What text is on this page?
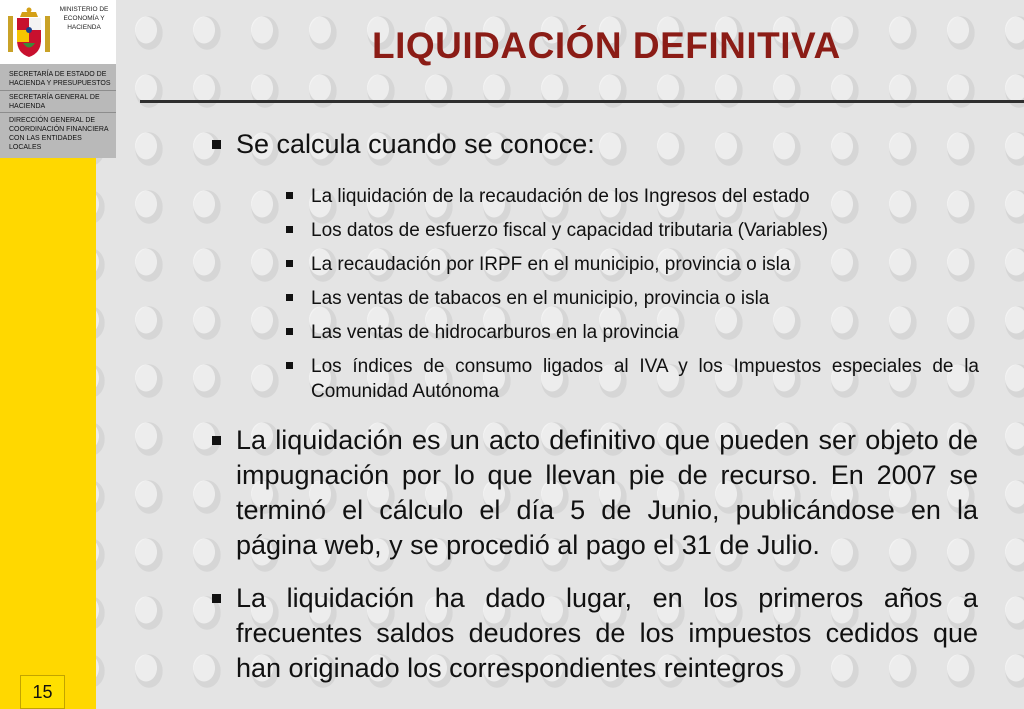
MINISTERIO DE ECONOMÍA Y HACIENDA
SECRETARÍA DE ESTADO DE HACIENDA Y PRESUPUESTOS
SECRETARÍA GENERAL DE HACIENDA
DIRECCIÓN GENERAL DE COORDINACIÓN FINANCIERA CON LAS ENTIDADES LOCALES
LIQUIDACIÓN DEFINITIVA
Se calcula cuando se conoce:
La liquidación de la recaudación de los Ingresos del estado
Los datos de esfuerzo fiscal y capacidad tributaria (Variables)
La recaudación por IRPF en el municipio, provincia o isla
Las ventas de tabacos en el municipio, provincia o isla
Las ventas de hidrocarburos en la provincia
Los índices de consumo ligados al IVA y los Impuestos especiales de la Comunidad Autónoma
La liquidación es un acto definitivo que pueden ser objeto de impugnación por lo que llevan pie de recurso. En 2007 se terminó el cálculo el día 5 de Junio, publicándose en la página web, y se procedió al pago el 31 de Julio.
La liquidación ha dado lugar, en los primeros años a frecuentes saldos deudores de los impuestos cedidos que han originado los correspondientes reintegros
15
